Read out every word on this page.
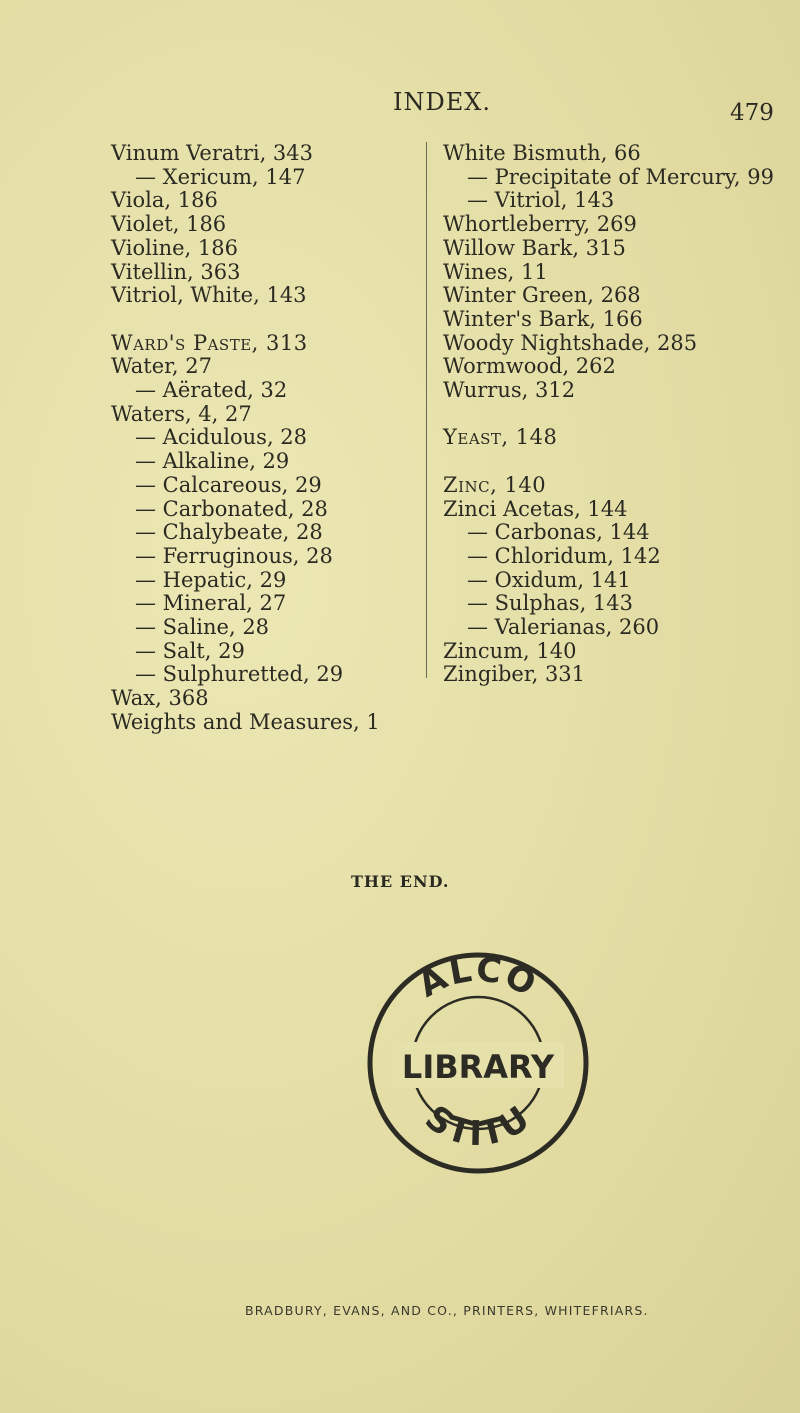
INDEX.	479
Vinum Veratri, 343
— Xericum, 147
Viola, 186
Violet, 186
Violine, 186
Vitellin, 363
Vitriol, White, 143
Ward's Paste, 313
Water, 27
— Aërated, 32
Waters, 4, 27
— Acidulous, 28
— Alkaline, 29
— Calcareous, 29
— Carbonated, 28
— Chalybeate, 28
— Ferruginous, 28
— Hepatic, 29
— Mineral, 27
— Saline, 28
— Salt, 29
— Sulphuretted, 29
Wax, 368
Weights and Measures, 1
White Bismuth, 66
— Precipitate of Mercury, 99
— Vitriol, 143
Whortleberry, 269
Willow Bark, 315
Wines, 11
Winter Green, 268
Winter's Bark, 166
Woody Nightshade, 285
Wormwood, 262
Wurrus, 312
Yeast, 148
Zinc, 140
Zinci Acetas, 144
— Carbonas, 144
— Chloridum, 142
— Oxidum, 141
— Sulphas, 143
— Valerianas, 260
Zincum, 140
Zingiber, 331
THE END.
ALCO
STITU
LIBRARY
BRADBURY, EVANS, AND CO., PRINTERS, WHITEFRIARS.
